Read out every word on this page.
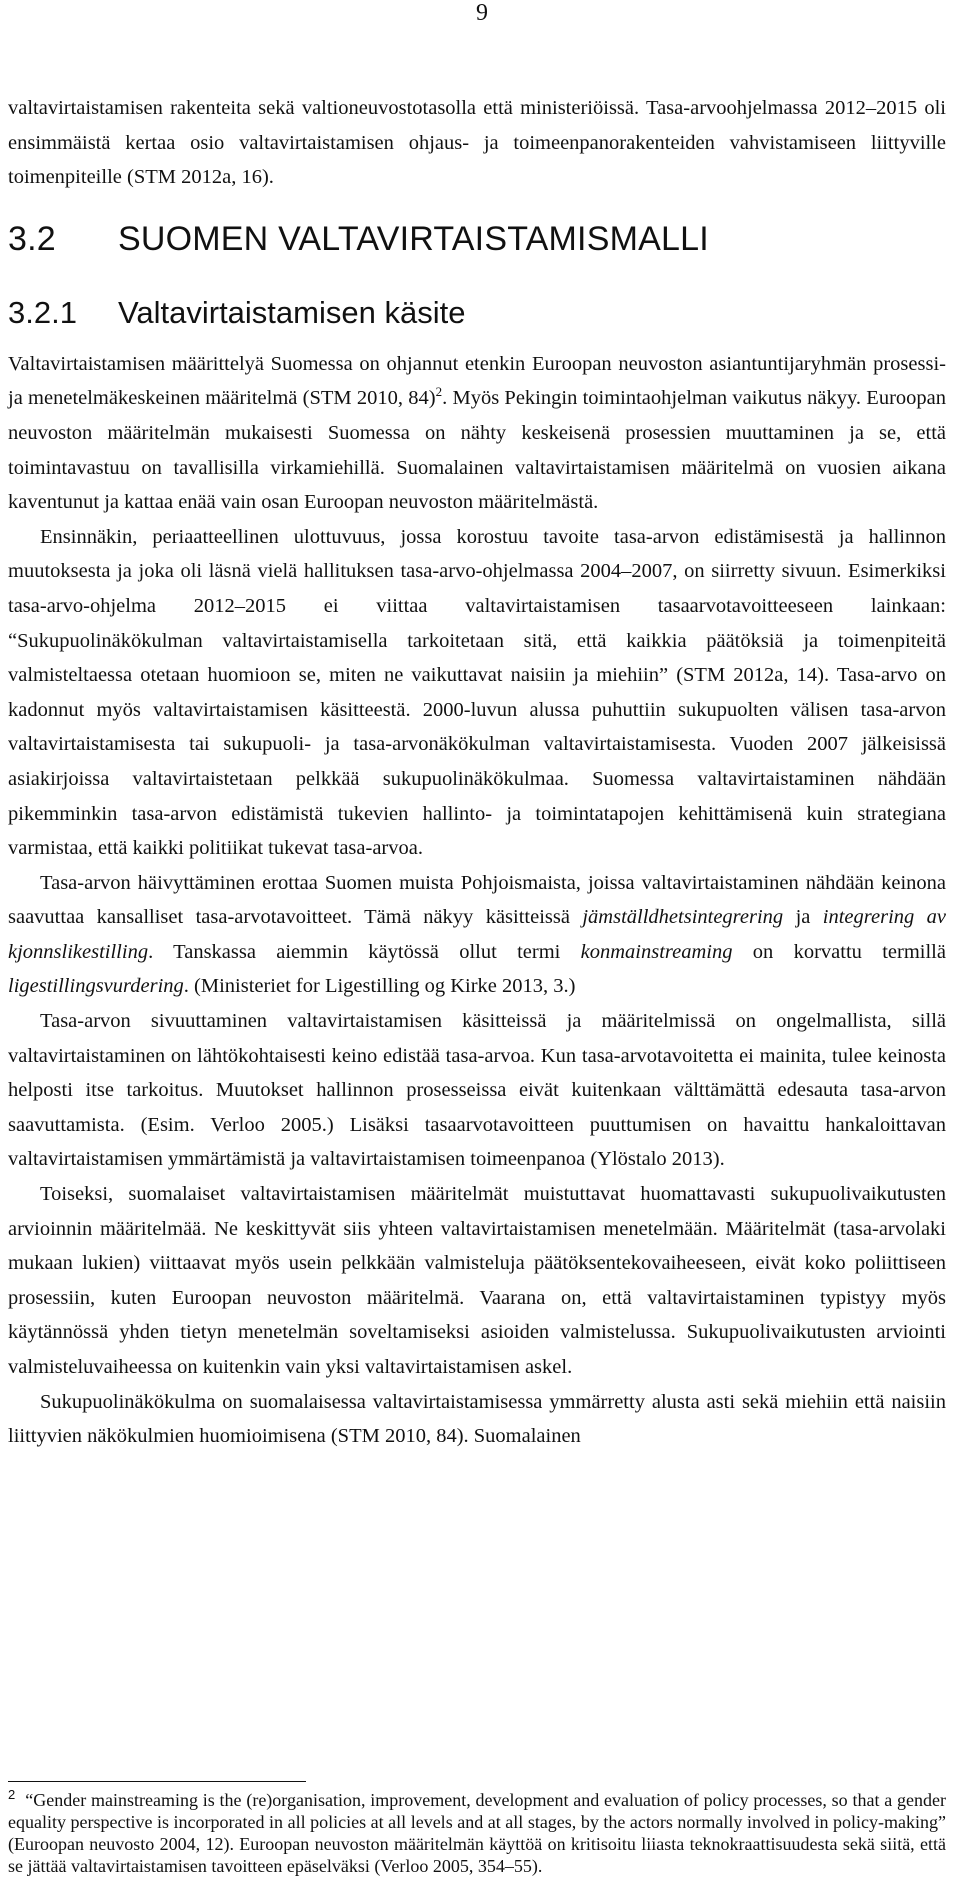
9

valtavirtaistamisen rakenteita sekä valtioneuvostotasolla että ministeriöissä. Tasa-arvoohjelmassa 2012–2015 oli ensimmäistä kertaa osio valtavirtaistamisen ohjaus- ja toimeenpanorakenteiden vahvistamiseen liittyville toimenpiteille (STM 2012a, 16).

3.2 SUOMEN VALTAVIRTAISTAMISMALLI
3.2.1 Valtavirtaistamisen käsite

Valtavirtaistamisen määrittelyä Suomessa on ohjannut etenkin Euroopan neuvoston asiantuntijaryhmän prosessi- ja menetelmäkeskeinen määritelmä (STM 2010, 84)$^2$. Myös Pekingin toimintaohjelman vaikutus näkyy. Euroopan neuvoston määritelmän mukaisesti Suomessa on nähty keskeisenä prosessien muuttaminen ja se, että toimintavastuu on tavallisilla virkamiehillä. Suomalainen valtavirtaistamisen määritelmä on vuosien aikana kaventunut ja kattaa enää vain osan Euroopan neuvoston määritelmästä.

Ensinnäkin, periaatteellinen ulottuvuus, jossa korostuu tavoite tasa-arvon edistämisestä ja hallinnon muutoksesta ja joka oli läsnä vielä hallituksen tasa-arvo-ohjelmassa 2004–2007, on siirretty sivuun. Esimerkiksi tasa-arvo-ohjelma 2012–2015 ei viittaa valtavirtaistamisen tasaarvotavoitteeseen lainkaan: “Sukupuolinäkökulman valtavirtaistamisella tarkoitetaan sitä, että kaikkia päätöksiä ja toimenpiteitä valmisteltaessa otetaan huomioon se, miten ne vaikuttavat naisiin ja miehiin” (STM 2012a, 14). Tasa-arvo on kadonnut myös valtavirtaistamisen käsitteestä. 2000-luvun alussa puhuttiin sukupuolten välisen tasa-arvon valtavirtaistamisesta tai sukupuoli- ja tasa-arvonäkökulman valtavirtaistamisesta. Vuoden 2007 jälkeisissä asiakirjoissa valtavirtaistetaan pelkkää sukupuolinäkökulmaa. Suomessa valtavirtaistaminen nähdään pikemminkin tasa-arvon edistämistä tukevien hallinto- ja toimintatapojen kehittämisenä kuin strategiana varmistaa, että kaikki politiikat tukevat tasa-arvoa.

Tasa-arvon häivyttäminen erottaa Suomen muista Pohjoismaista, joissa valtavirtaistaminen nähdään keinona saavuttaa kansalliset tasa-arvotavoitteet. Tämä näkyy käsitteissä jämställdhetsintegrering ja integrering av kjonnslikestilling. Tanskassa aiemmin käytössä ollut termi konmainstreaming on korvattu termillä ligestillingsvurdering. (Ministeriet for Ligestilling og Kirke 2013, 3.)

Tasa-arvon sivuuttaminen valtavirtaistamisen käsitteissä ja määritelmissä on ongelmallista, sillä valtavirtaistaminen on lähtökohtaisesti keino edistää tasa-arvoa. Kun tasa-arvotavoitetta ei mainita, tulee keinosta helposti itse tarkoitus. Muutokset hallinnon prosesseissa eivät kuitenkaan välttämättä edesauta tasa-arvon saavuttamista. (Esim. Verloo 2005.) Lisäksi tasaarvotavoitteen puuttumisen on havaittu hankaloittavan valtavirtaistamisen ymmärtämistä ja valtavirtaistamisen toimeenpanoa (Ylöstalo 2013).

Toiseksi, suomalaiset valtavirtaistamisen määritelmät muistuttavat huomattavasti sukupuolivaikutusten arvioinnin määritelmää. Ne keskittyvät siis yhteen valtavirtaistamisen menetelmään. Määritelmät (tasa-arvolaki mukaan lukien) viittaavat myös usein pelkkään valmisteluja päätöksentekovaiheeseen, eivät koko poliittiseen prosessiin, kuten Euroopan neuvoston määritelmä. Vaarana on, että valtavirtaistaminen typistyy myös käytännössä yhden tietyn menetelmän soveltamiseksi asioiden valmistelussa. Sukupuolivaikutusten arviointi valmisteluvaiheessa on kuitenkin vain yksi valtavirtaistamisen askel.

Sukupuolinäkökulma on suomalaisessa valtavirtaistamisessa ymmärretty alusta asti sekä miehiin että naisiin liittyvien näkökulmien huomioimisena (STM 2010, 84). Suomalainen

$^2$ “Gender mainstreaming is the (re)organisation, improvement, development and evaluation of policy processes, so that a gender equality perspective is incorporated in all policies at all levels and at all stages, by the actors normally involved in policy-making” (Euroopan neuvosto 2004, 12). Euroopan neuvoston määritelmän käyttöä on kritisoitu liiasta teknokraattisuudesta sekä siitä, että se jättää valtavirtaistamisen tavoitteen epäselväksi (Verloo 2005, 354–55).
